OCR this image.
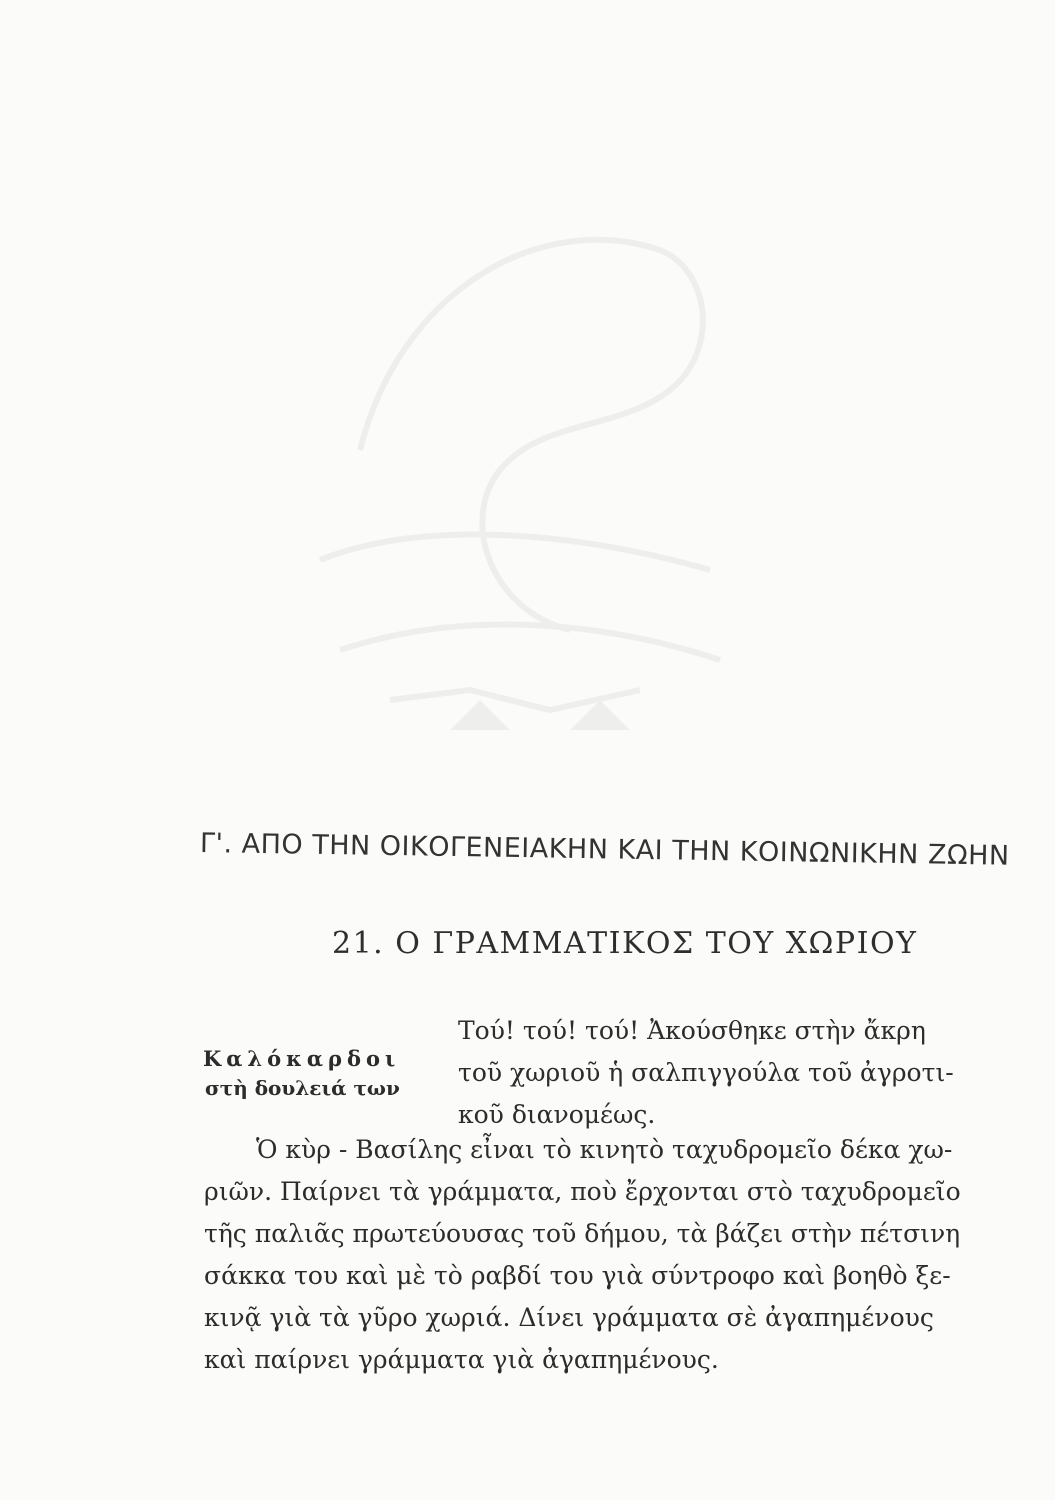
Γ'. ΑΠΟ ΤΗΝ ΟΙΚΟΓΕΝΕΙΑΚΗΝ ΚΑΙ ΤΗΝ ΚΟΙΝΩΝΙΚΗΝ ΖΩΗΝ
21. Ο ΓΡΑΜΜΑΤΙΚΟΣ ΤΟΥ ΧΩΡΙΟΥ
Καλόκαρδοι
στὴ δουλειά των
Τού! τού! τού! Ἀκούσθηκε στὴν ἄκρη
τοῦ χωριοῦ ἡ σαλπιγγούλα τοῦ ἀγροτι-
κοῦ διανομέως.
Ὁ κὺρ - Βασίλης εἶναι τὸ κινητὸ ταχυδρομεῖο δέκα χω-
ριῶν. Παίρνει τὰ γράμματα, ποὺ ἔρχονται στὸ ταχυδρομεῖο
τῆς παλιᾶς πρωτεύουσας τοῦ δήμου, τὰ βάζει στὴν πέτσινη
σάκκα του καὶ μὲ τὸ ραβδί του γιὰ σύντροφο καὶ βοηθὸ ξε-
κινᾷ γιὰ τὰ γῦρο χωριά. Δίνει γράμματα σὲ ἀγαπημένους
καὶ παίρνει γράμματα γιὰ ἀγαπημένους.
